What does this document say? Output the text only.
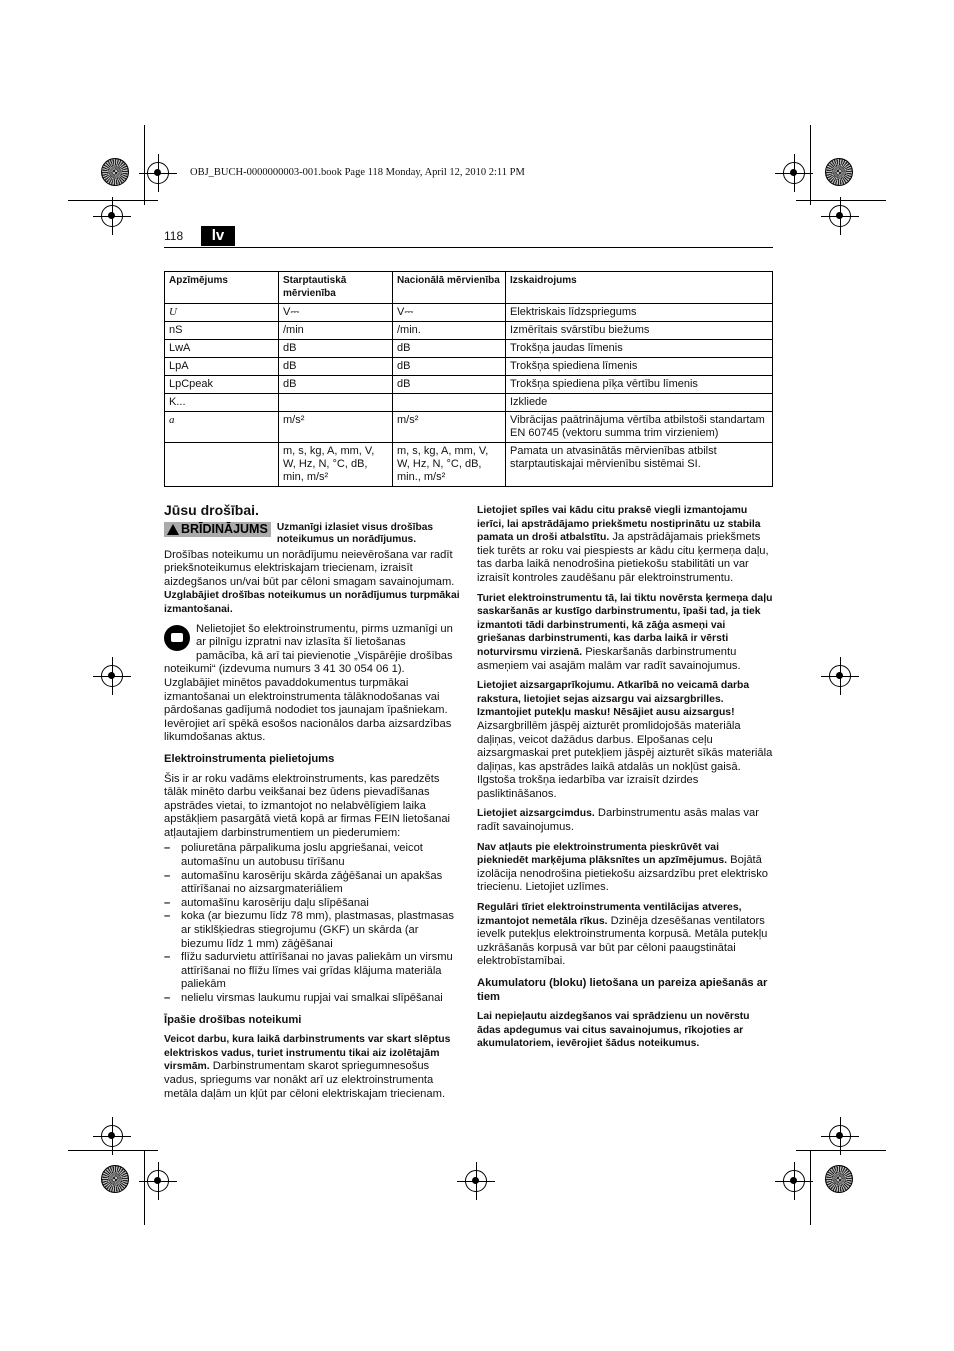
OBJ_BUCH-0000000003-001.book Page 118 Monday, April 12, 2010 2:11 PM
118	lv
Apzīmējums	Starptautiskā mērvienība	Nacionālā mērvienība	Izskaidrojums
U	V⎓	V⎓	Elektriskais līdzspriegums
nS	/min	/min.	Izmērītais svārstību biežums
LwA	dB	dB	Trokšņa jaudas līmenis
LpA	dB	dB	Trokšņa spiediena līmenis
LpCpeak	dB	dB	Trokšņa spiediena pīķa vērtību līmenis
K...			Izkliede
a	m/s²	m/s²	Vibrācijas paātrinājuma vērtība atbilstoši standartam EN 60745 (vektoru summa trim virzieniem)
	m, s, kg, A, mm, V, W, Hz, N, °C, dB, min, m/s²	m, s, kg, A, mm, V, W, Hz, N, °C, dB, min., m/s²	Pamata un atvasinātās mērvienības atbilst starptautiskajai mērvienību sistēmai SI.
Jūsu drošībai.
BRĪDINĀJUMS Uzmanīgi izlasiet visus drošības noteikumus un norādījumus.

Drošības noteikumu un norādījumu neievērošana var radīt priekšnoteikumus elektriskajam triecienam, izraisīt aizdegšanos un/vai būt par cēloni smagam savainojumam. Uzglabājiet drošības noteikumus un norādījumus turpmākai izmantošanai.

Nelietojiet šo elektroinstrumentu, pirms uzmanīgi un ar pilnīgu izpratni nav izlasīta šī lietošanas pamācība, kā arī tai pievienotie „Vispārējie drošības noteikumi“ (izdevuma numurs 3 41 30 054 06 1). Uzglabājiet minētos pavaddokumentus turpmākai izmantošanai un elektroinstrumenta tālāknodošanas vai pārdošanas gadījumā nododiet tos jaunajam īpašniekam. Ievērojiet arī spēkā esošos nacionālos darba aizsardzības likumdošanas aktus.

Elektroinstrumenta pielietojums

Šis ir ar roku vadāms elektroinstruments, kas paredzēts tālāk minēto darbu veikšanai bez ūdens pievadīšanas apstrādes vietai, to izmantojot no nelabvēlīgiem laika apstākļiem pasargātā vietā kopā ar firmas FEIN lietošanai atļautajiem darbinstrumentiem un piederumiem:

– poliuretāna pārpalikuma joslu apgriešanai, veicot automašīnu un autobusu tīrīšanu
– automašīnu karosēriju skārda zāģēšanai un apakšas attīrīšanai no aizsargmateriāliem
– automašīnu karosēriju daļu slīpēšanai
– koka (ar biezumu līdz 78 mm), plastmasas, plastmasas ar stiklšķiedras stiegrojumu (GKF) un skārda (ar biezumu līdz 1 mm) zāģēšanai
– flīžu sadurvietu attīrīšanai no javas paliekām un virsmu attīrīšanai no flīžu līmes vai grīdas klājuma materiāla paliekām
– nelielu virsmas laukumu rupjai vai smalkai slīpēšanai
Īpašie drošības noteikumi

Veicot darbu, kura laikā darbinstruments var skart slēptus elektriskos vadus, turiet instrumentu tikai aiz izolētajām virsmām. Darbinstrumentam skarot spriegumnesošus vadus, spriegums var nonākt arī uz elektroinstrumenta metāla daļām un kļūt par cēloni elektriskajam triecienam.

Lietojiet spīles vai kādu citu praksē viegli izmantojamu ierīci, lai apstrādājamo priekšmetu nostiprinātu uz stabila pamata un droši atbalstītu. Ja apstrādājamais priekšmets tiek turēts ar roku vai piespiests ar kādu citu ķermeņa daļu, tas darba laikā nenodrošina pietiekošu stabilitāti un var izraisīt kontroles zaudēšanu pār elektroinstrumentu.

Turiet elektroinstrumentu tā, lai tiktu novērsta ķermeņa daļu saskaršanās ar kustīgo darbinstrumentu, īpaši tad, ja tiek izmantoti tādi darbinstrumenti, kā zāģa asmeņi vai griešanas darbinstrumenti, kas darba laikā ir vērsti noturvirsmu virzienā. Pieskaršanās darbinstrumentu asmeņiem vai asajām malām var radīt savainojumus.

Lietojiet aizsargaprīkojumu. Atkarībā no veicamā darba rakstura, lietojiet sejas aizsargu vai aizsargbrilles. Izmantojiet putekļu masku! Nēsājiet ausu aizsargus! Aizsargbrillēm jāspēj aizturēt promlidojošās materiāla daļiņas, veicot dažādus darbus. Elpošanas ceļu aizsargmaskai pret putekļiem jāspēj aizturēt sīkās materiāla daļiņas, kas apstrādes laikā atdalās un nokļūst gaisā. Ilgstoša trokšņa iedarbība var izraisīt dzirdes pasliktināšanos.

Lietojiet aizsargcimdus. Darbinstrumentu asās malas var radīt savainojumus.

Nav atļauts pie elektroinstrumenta pieskrūvēt vai piekniedēt marķējuma plāksnītes un apzīmējumus. Bojātā izolācija nenodrošina pietiekošu aizsardzību pret elektrisko triecienu. Lietojiet uzlīmes.

Regulāri tīriet elektroinstrumenta ventilācijas atveres, izmantojot nemetāla rīkus. Dzinēja dzesēšanas ventilators ievelk putekļus elektroinstrumenta korpusā. Metāla putekļu uzkrāšanās korpusā var būt par cēloni paaugstinātai elektrobīstamībai.

Akumulatoru (bloku) lietošana un pareiza apiešanās ar tiem

Lai nepieļautu aizdegšanos vai sprādzienu un novērstu ādas apdegumus vai citus savainojumus, rīkojoties ar akumulatoriem, ievērojiet šādus noteikumus.
